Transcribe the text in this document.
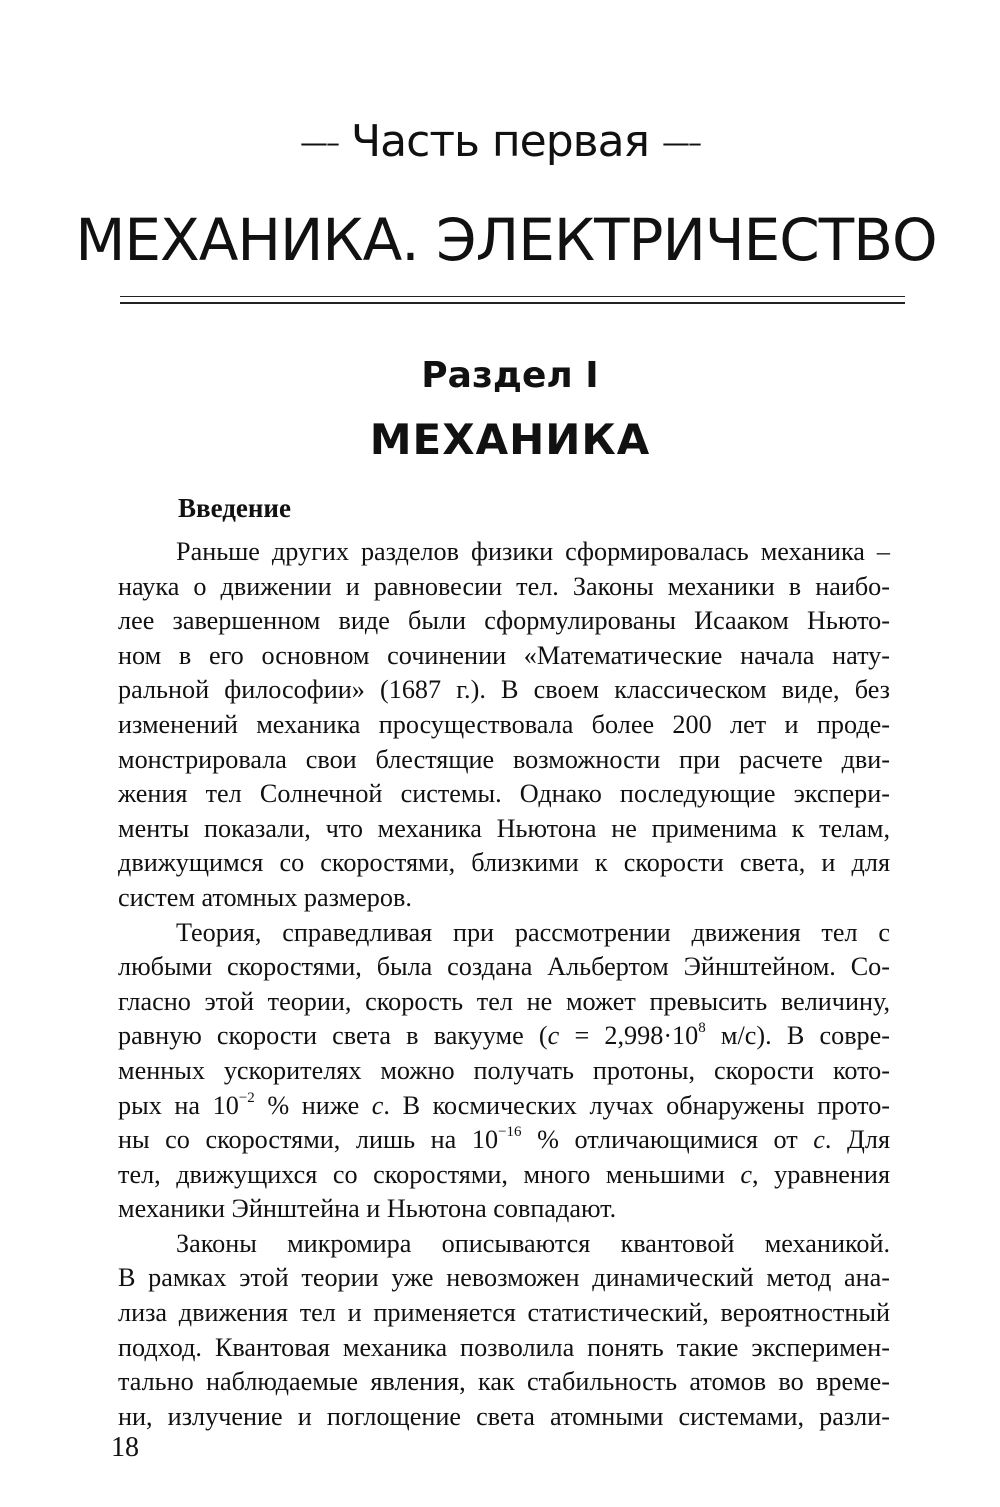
—– Часть первая —–
МЕХАНИКА. ЭЛЕКТРИЧЕСТВО
Раздел I
МЕХАНИКА
Введение

Раньше других разделов физики сформировалась механика –
наука о движении и равновесии тел. Законы механики в наибо-
лее завершенном виде были сформулированы Исааком Ньюто-
ном в его основном сочинении «Математические начала нату-
ральной философии» (1687 г.). В своем классическом виде, без
изменений механика просуществовала более 200 лет и проде-
монстрировала свои блестящие возможности при расчете дви-
жения тел Солнечной системы. Однако последующие экспери-
менты показали, что механика Ньютона не применима к телам,
движущимся со скоростями, близкими к скорости света, и для
систем атомных размеров.

Теория, справедливая при рассмотрении движения тел с
любыми скоростями, была создана Альбертом Эйнштейном. Со-
гласно этой теории, скорость тел не может превысить величину,
равную скорости света в вакууме ($c = 2,998\cdot 10^8$ м/с). В совре-
менных ускорителях можно получать протоны, скорости кото-
рых на $10^{-2}$ % ниже c. В космических лучах обнаружены прото-
ны со скоростями, лишь на $10^{-16}$ % отличающимися от c. Для
тел, движущихся со скоростями, много меньшими c, уравнения
механики Эйнштейна и Ньютона совпадают.

Законы микромира описываются квантовой механикой.
В рамках этой теории уже невозможен динамический метод ана-
лиза движения тел и применяется статистический, вероятностный
подход. Квантовая механика позволила понять такие эксперимен-
тально наблюдаемые явления, как стабильность атомов во време-
ни, излучение и поглощение света атомными системами, разли-

18
